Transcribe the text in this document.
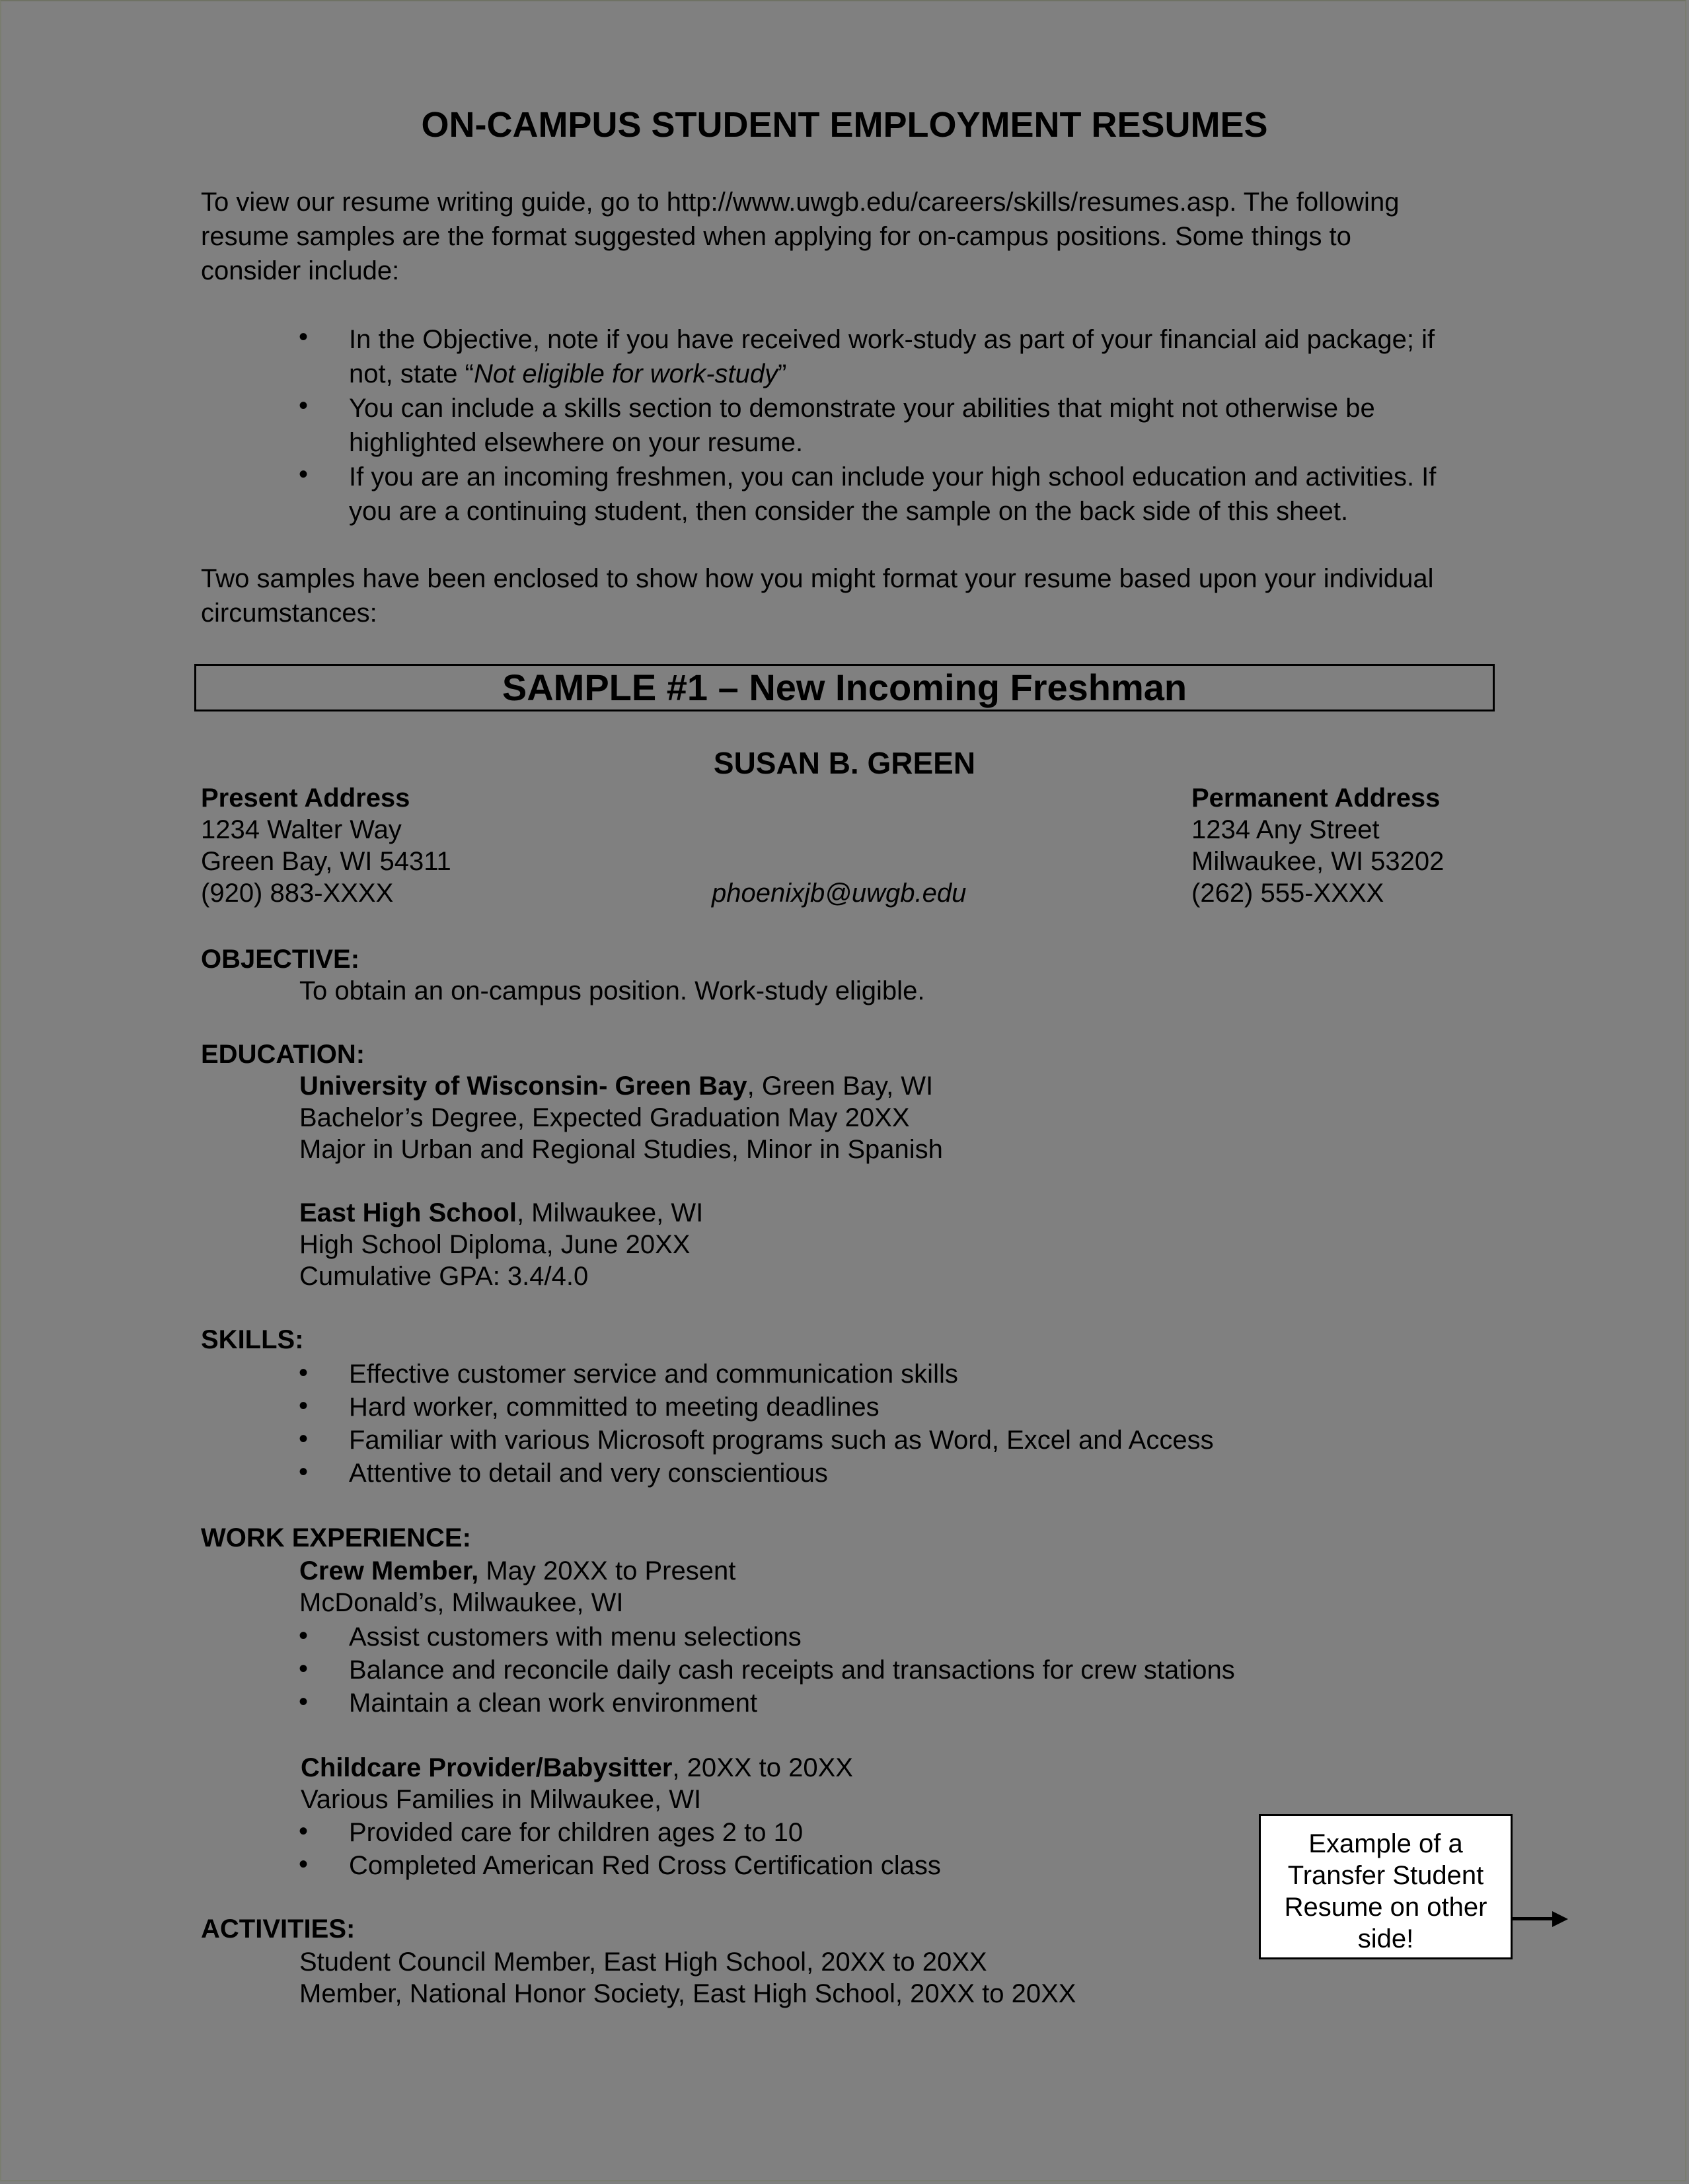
ON-CAMPUS STUDENT EMPLOYMENT RESUMES
To view our resume writing guide, go to http://www.uwgb.edu/careers/skills/resumes.asp. The following
resume samples are the format suggested when applying for on-campus positions. Some things to
consider include:
• In the Objective, note if you have received work-study as part of your financial aid package; if
not, state “Not eligible for work-study”
• You can include a skills section to demonstrate your abilities that might not otherwise be
highlighted elsewhere on your resume.
• If you are an incoming freshmen, you can include your high school education and activities. If
you are a continuing student, then consider the sample on the back side of this sheet.
Two samples have been enclosed to show how you might format your resume based upon your individual
circumstances:
SAMPLE #1 – New Incoming Freshman
SUSAN B. GREEN
Present Address
1234 Walter Way
Green Bay, WI 54311
(920) 883-XXXX	phoenixjb@uwgb.edu
Permanent Address
1234 Any Street
Milwaukee, WI 53202
(262) 555-XXXX
OBJECTIVE:
To obtain an on-campus position. Work-study eligible.
EDUCATION:
University of Wisconsin- Green Bay, Green Bay, WI
Bachelor’s Degree, Expected Graduation May 20XX
Major in Urban and Regional Studies, Minor in Spanish
East High School, Milwaukee, WI
High School Diploma, June 20XX
Cumulative GPA: 3.4/4.0
SKILLS:
• Effective customer service and communication skills
• Hard worker, committed to meeting deadlines
• Familiar with various Microsoft programs such as Word, Excel and Access
• Attentive to detail and very conscientious
WORK EXPERIENCE:
Crew Member, May 20XX to Present
McDonald’s, Milwaukee, WI
• Assist customers with menu selections
• Balance and reconcile daily cash receipts and transactions for crew stations
• Maintain a clean work environment
Childcare Provider/Babysitter, 20XX to 20XX
Various Families in Milwaukee, WI
• Provided care for children ages 2 to 10
• Completed American Red Cross Certification class
ACTIVITIES:
Student Council Member, East High School, 20XX to 20XX
Member, National Honor Society, East High School, 20XX to 20XX
Example of a
Transfer Student
Resume on other
side!
